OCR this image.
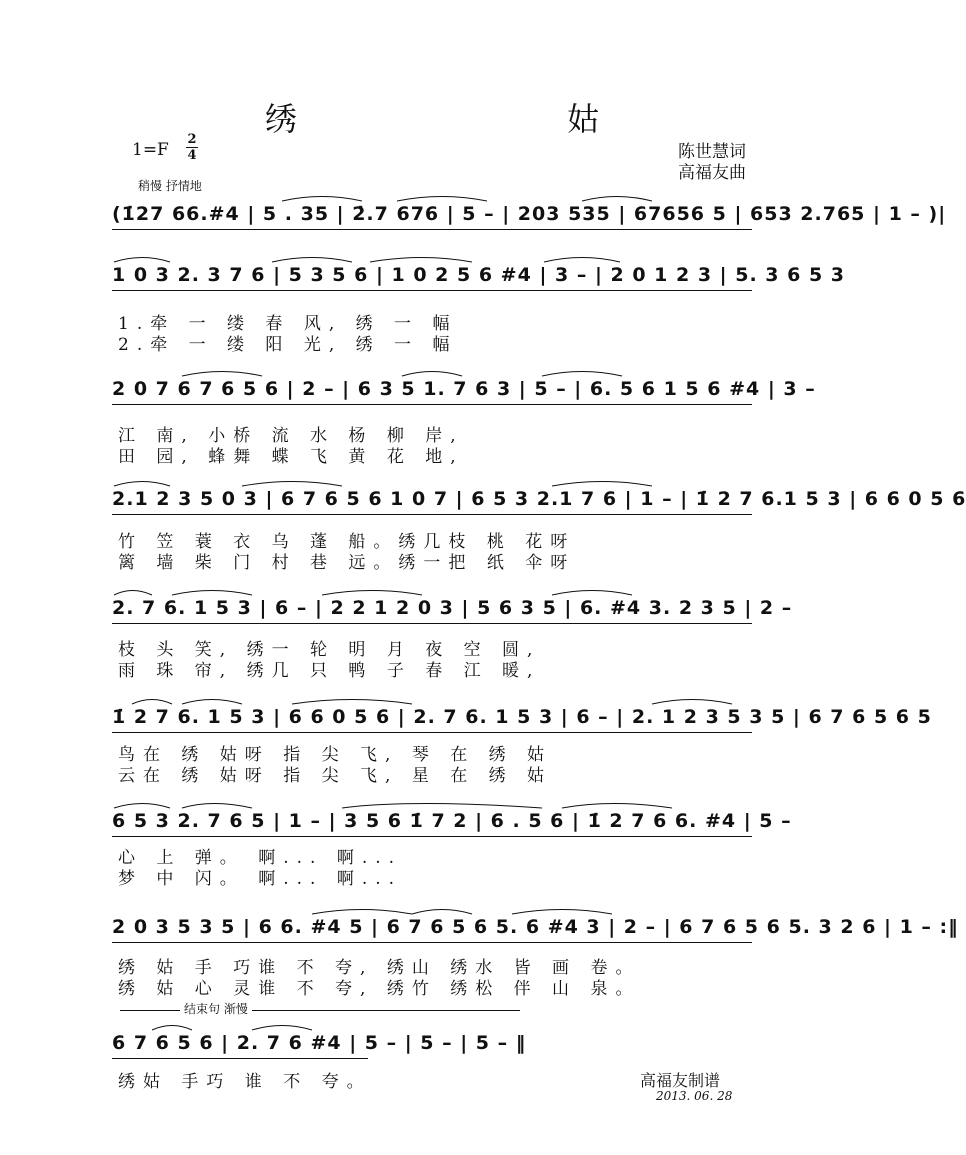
绣 姑
1=F
2
4	陈世慧词
高福友曲
稍慢 抒情地
(1̇27 66.#4 | 5 . 35 | 2̇.7 676 | 5 – | 203 535 | 67656 5 | 653 2.765 | 1 – )|
1 0 3 2. 3 7 6 | 5 3 5 6 | 1 0 2 5 6 #4 | 3 – | 2 0 1 2 3 | 5. 3 6 5 3
1.牵 一 缕 春 风, 绣 一 幅
2.牵 一 缕 阳 光, 绣 一 幅
2 0 7 6 7 6 5 6 | 2 – | 6 3 5 1. 7 6 3 | 5 – | 6. 5 6 1 5 6 #4 | 3 –
江 南, 小桥 流 水 杨 柳 岸,
田 园, 蜂舞 蝶 飞 黄 花 地,
2.1 2 3 5 0 3 | 6 7 6 5 6 1 0 7 | 6 5 3 2.1 7 6 | 1 – | 1̇ 2 7 6.1 5 3 | 6 6 0 5 6
竹 笠 蓑 衣 乌 蓬 船。绣几枝 桃 花呀
篱 墙 柴 门 村 巷 远。绣一把 纸 伞呀
2. 7 6. 1 5 3 | 6 – | 2 2 1 2 0 3 | 5 6 3 5 | 6. #4 3. 2 3 5 | 2 –
枝 头 笑, 绣一 轮 明 月 夜 空 圆,
雨 珠 帘, 绣几 只 鸭 子 春 江 暖,
1̇ 2 7 6. 1 5 3 | 6 6 0 5 6 | 2. 7 6. 1 5 3 | 6 – | 2. 1 2 3 5 3 5 | 6 7 6 5 6 5
鸟在 绣 姑呀 指 尖 飞, 琴 在 绣 姑
云在 绣 姑呀 指 尖 飞, 星 在 绣 姑
6 5 3 2. 7 6 5 | 1 – | 3 5 6 1̇ 7 2 | 6 . 5 6 | 1̇ 2 7 6 6. #4 | 5 –
心 上 弹。 啊... 啊...
梦 中 闪。 啊... 啊...
2 0 3 5 3 5 | 6 6. #4 5 | 6 7 6 5 6 5. 6 #4 3 | 2 – | 6 7 6 5 6 5. 3 2 6 | 1 – :‖
绣 姑 手 巧谁 不 夸, 绣山 绣水 皆 画 卷。
绣 姑 心 灵谁 不 夸, 绣竹 绣松 伴 山 泉。
结束句 渐慢
6 7 6 5 6 | 2. 7 6 #4 | 5 – | 5 – | 5 – ‖
绣姑 手巧 谁 不 夸。	高福友制谱
2013. 06. 28
